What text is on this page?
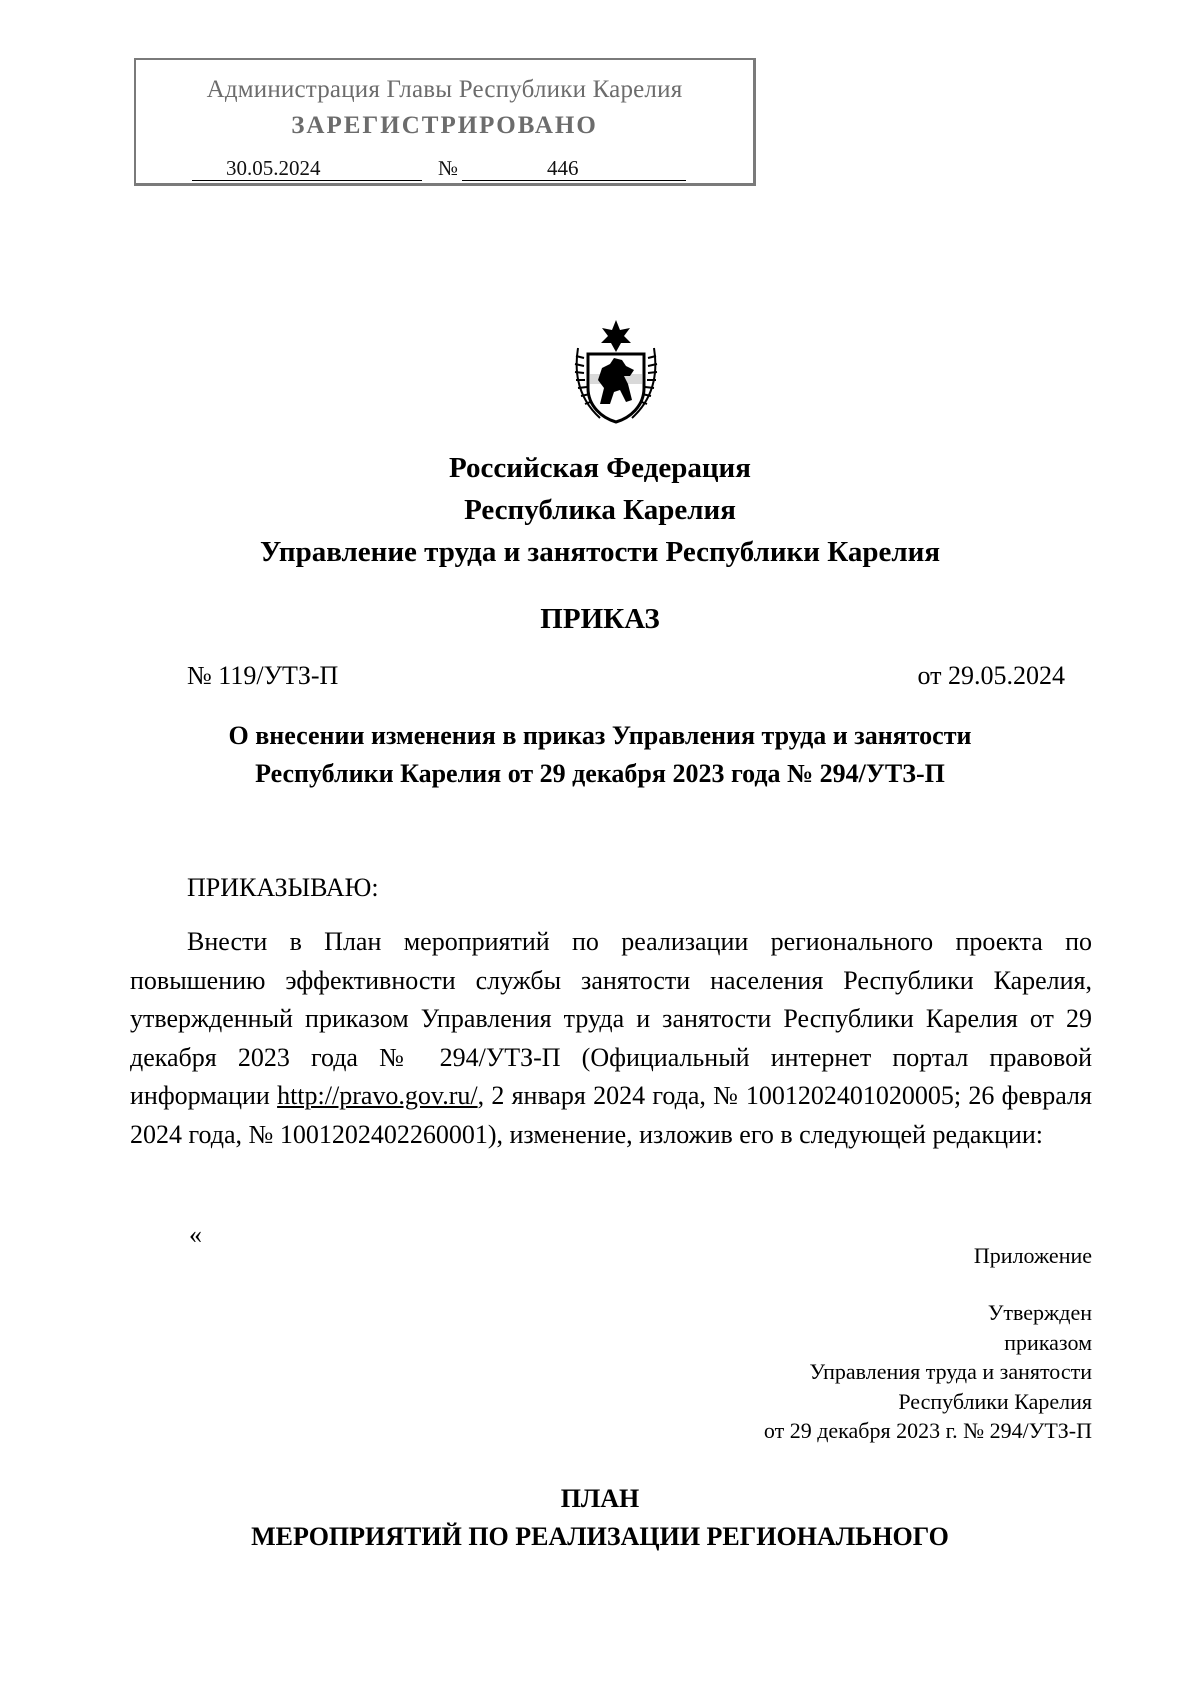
Администрация Главы Республики Карелия
ЗАРЕГИСТРИРОВАНО
30.05.2024	№	446
Российская Федерация
Республика Карелия
Управление труда и занятости Республики Карелия
ПРИКАЗ
№ 119/УТЗ-П	от 29.05.2024
О внесении изменения в приказ Управления труда и занятости
Республики Карелия от 29 декабря 2023 года № 294/УТЗ-П
ПРИКАЗЫВАЮ:
Внести в План мероприятий по реализации регионального проекта по повышению эффективности службы занятости населения Республики Карелия, утвержденный приказом Управления труда и занятости Республики Карелия от 29 декабря 2023 года № 294/УТЗ-П (Официальный интернет портал правовой информации http://pravo.gov.ru/, 2 января 2024 года, № 1001202401020005; 26 февраля 2024 года, № 1001202402260001), изменение, изложив его в следующей редакции:
«
Приложение
Утвержден
приказом
Управления труда и занятости
Республики Карелия
от 29 декабря 2023 г. № 294/УТЗ-П
ПЛАН
МЕРОПРИЯТИЙ ПО РЕАЛИЗАЦИИ РЕГИОНАЛЬНОГО
